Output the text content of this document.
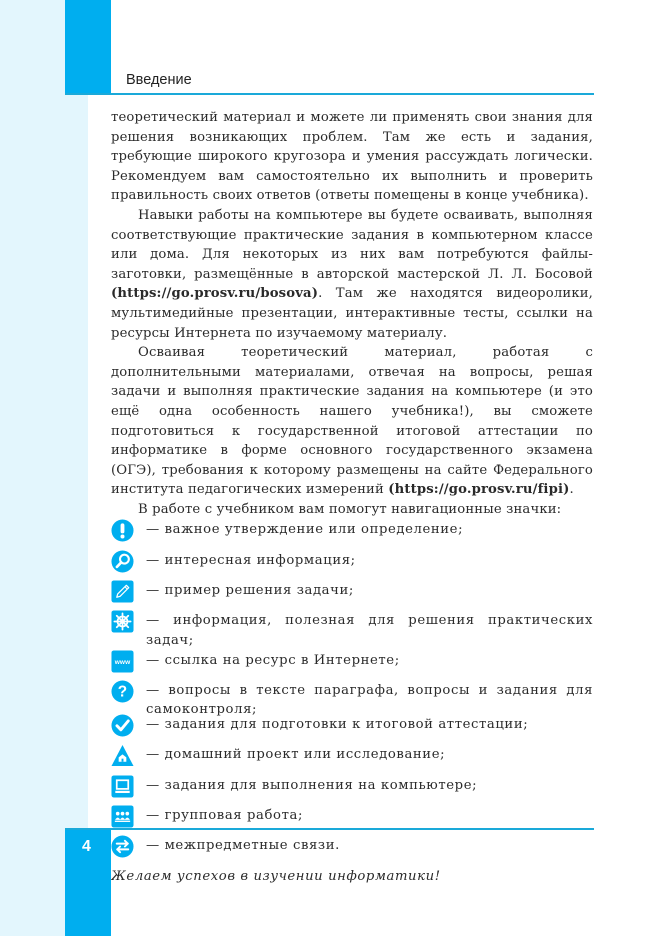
Введение

теоретический материал и можете ли применять свои знания для решения возникающих проблем. Там же есть и задания, требующие широкого кругозора и умения рассуждать логически. Рекомендуем вам самостоятельно их выполнить и проверить правильность своих ответов (ответы помещены в конце учебника).

Навыки работы на компьютере вы будете осваивать, выполняя соответствующие практические задания в компьютерном классе или дома. Для некоторых из них вам потребуются файлы-заготовки, размещённые в авторской мастерской Л. Л. Босовой (https://go.prosv.ru/bosova). Там же находятся видеоролики, мультимедийные презентации, интерактивные тесты, ссылки на ресурсы Интернета по изучаемому материалу.

Осваивая теоретический материал, работая с дополнительными материалами, отвечая на вопросы, решая задачи и выполняя практические задания на компьютере (и это ещё одна особенность нашего учебника!), вы сможете подготовиться к государственной итоговой аттестации по информатике в форме основного государственного экзамена (ОГЭ), требования к которому размещены на сайте Федерального института педагогических измерений (https://go.prosv.ru/fipi).

В работе с учебником вам помогут навигационные значки:

— важное утверждение или определение;
— интересная информация;
— пример решения задачи;
— информация, полезная для решения практических задач;
www — ссылка на ресурс в Интернете;
? — вопросы в тексте параграфа, вопросы и задания для самоконтроля;
— задания для подготовки к итоговой аттестации;
— домашний проект или исследование;
— задания для выполнения на компьютере;
— групповая работа;
— межпредметные связи.

Желаем успехов в изучении информатики!

4
